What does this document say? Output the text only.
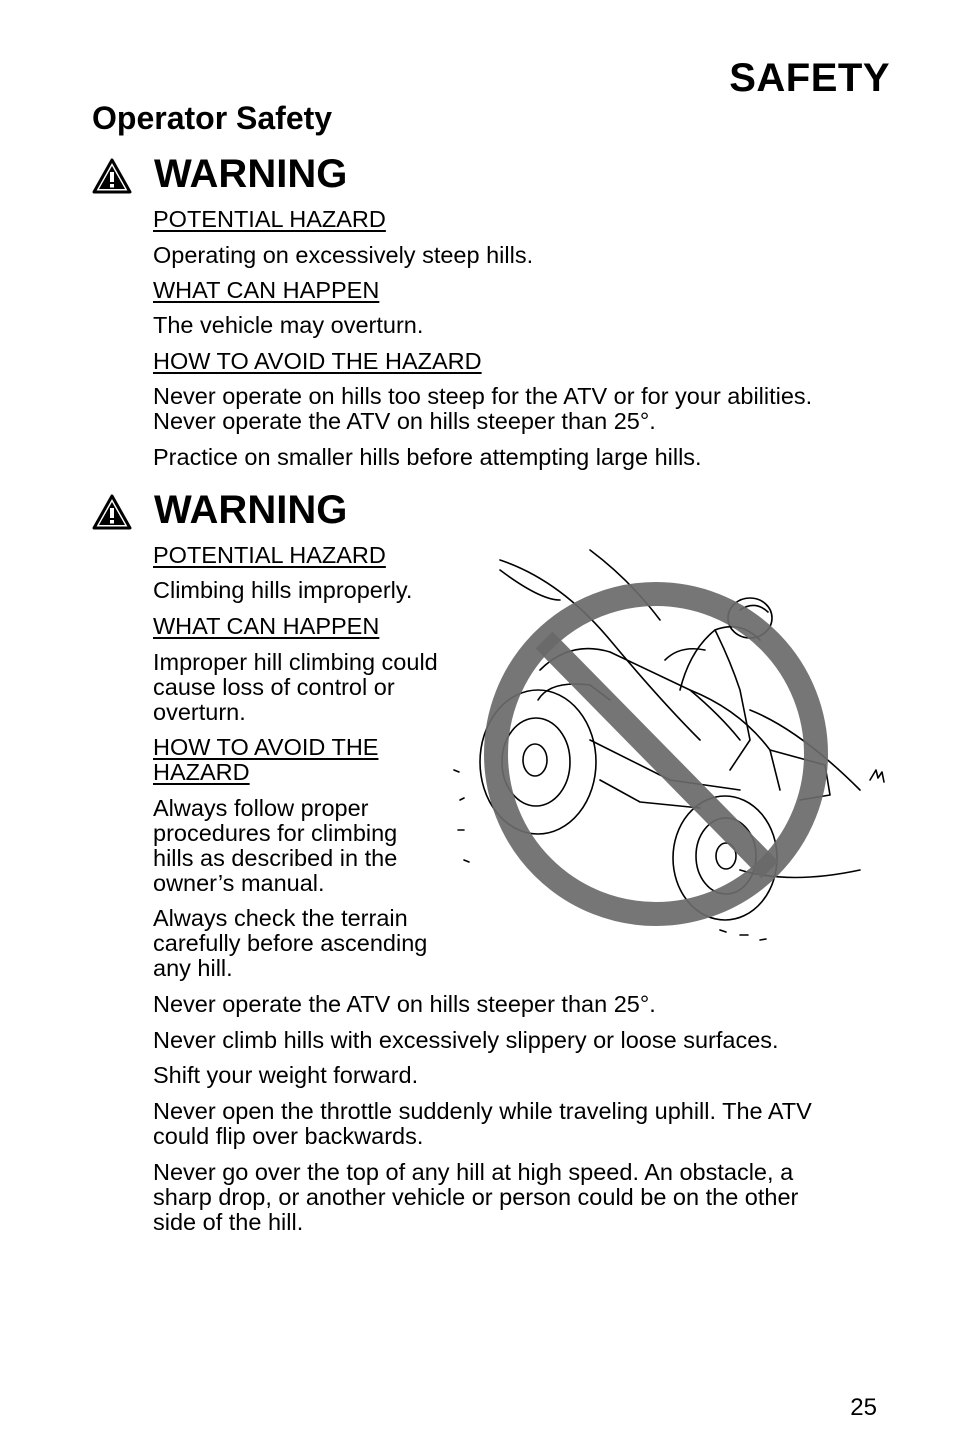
SAFETY
Operator Safety
WARNING

POTENTIAL HAZARD

Operating on excessively steep hills.

WHAT CAN HAPPEN

The vehicle may overturn.

HOW TO AVOID THE HAZARD

Never operate on hills too steep for the ATV or for your abilities.

Never operate the ATV on hills steeper than 25°.

Practice on smaller hills before attempting large hills.

WARNING

POTENTIAL HAZARD

Climbing hills improperly.

WHAT CAN HAPPEN

Improper hill climbing could

cause loss of control or

overturn.

HOW TO AVOID THE

HAZARD

Always follow proper

procedures for climbing

hills as described in the

owner’s manual.

Always check the terrain

carefully before ascending

any hill.

Never operate the ATV on hills steeper than 25°.

Never climb hills with excessively slippery or loose surfaces.

Shift your weight forward.

Never open the throttle suddenly while traveling uphill. The ATV

could flip over backwards.

Never go over the top of any hill at high speed. An obstacle, a

sharp drop, or another vehicle or person could be on the other

side of the hill.

25
